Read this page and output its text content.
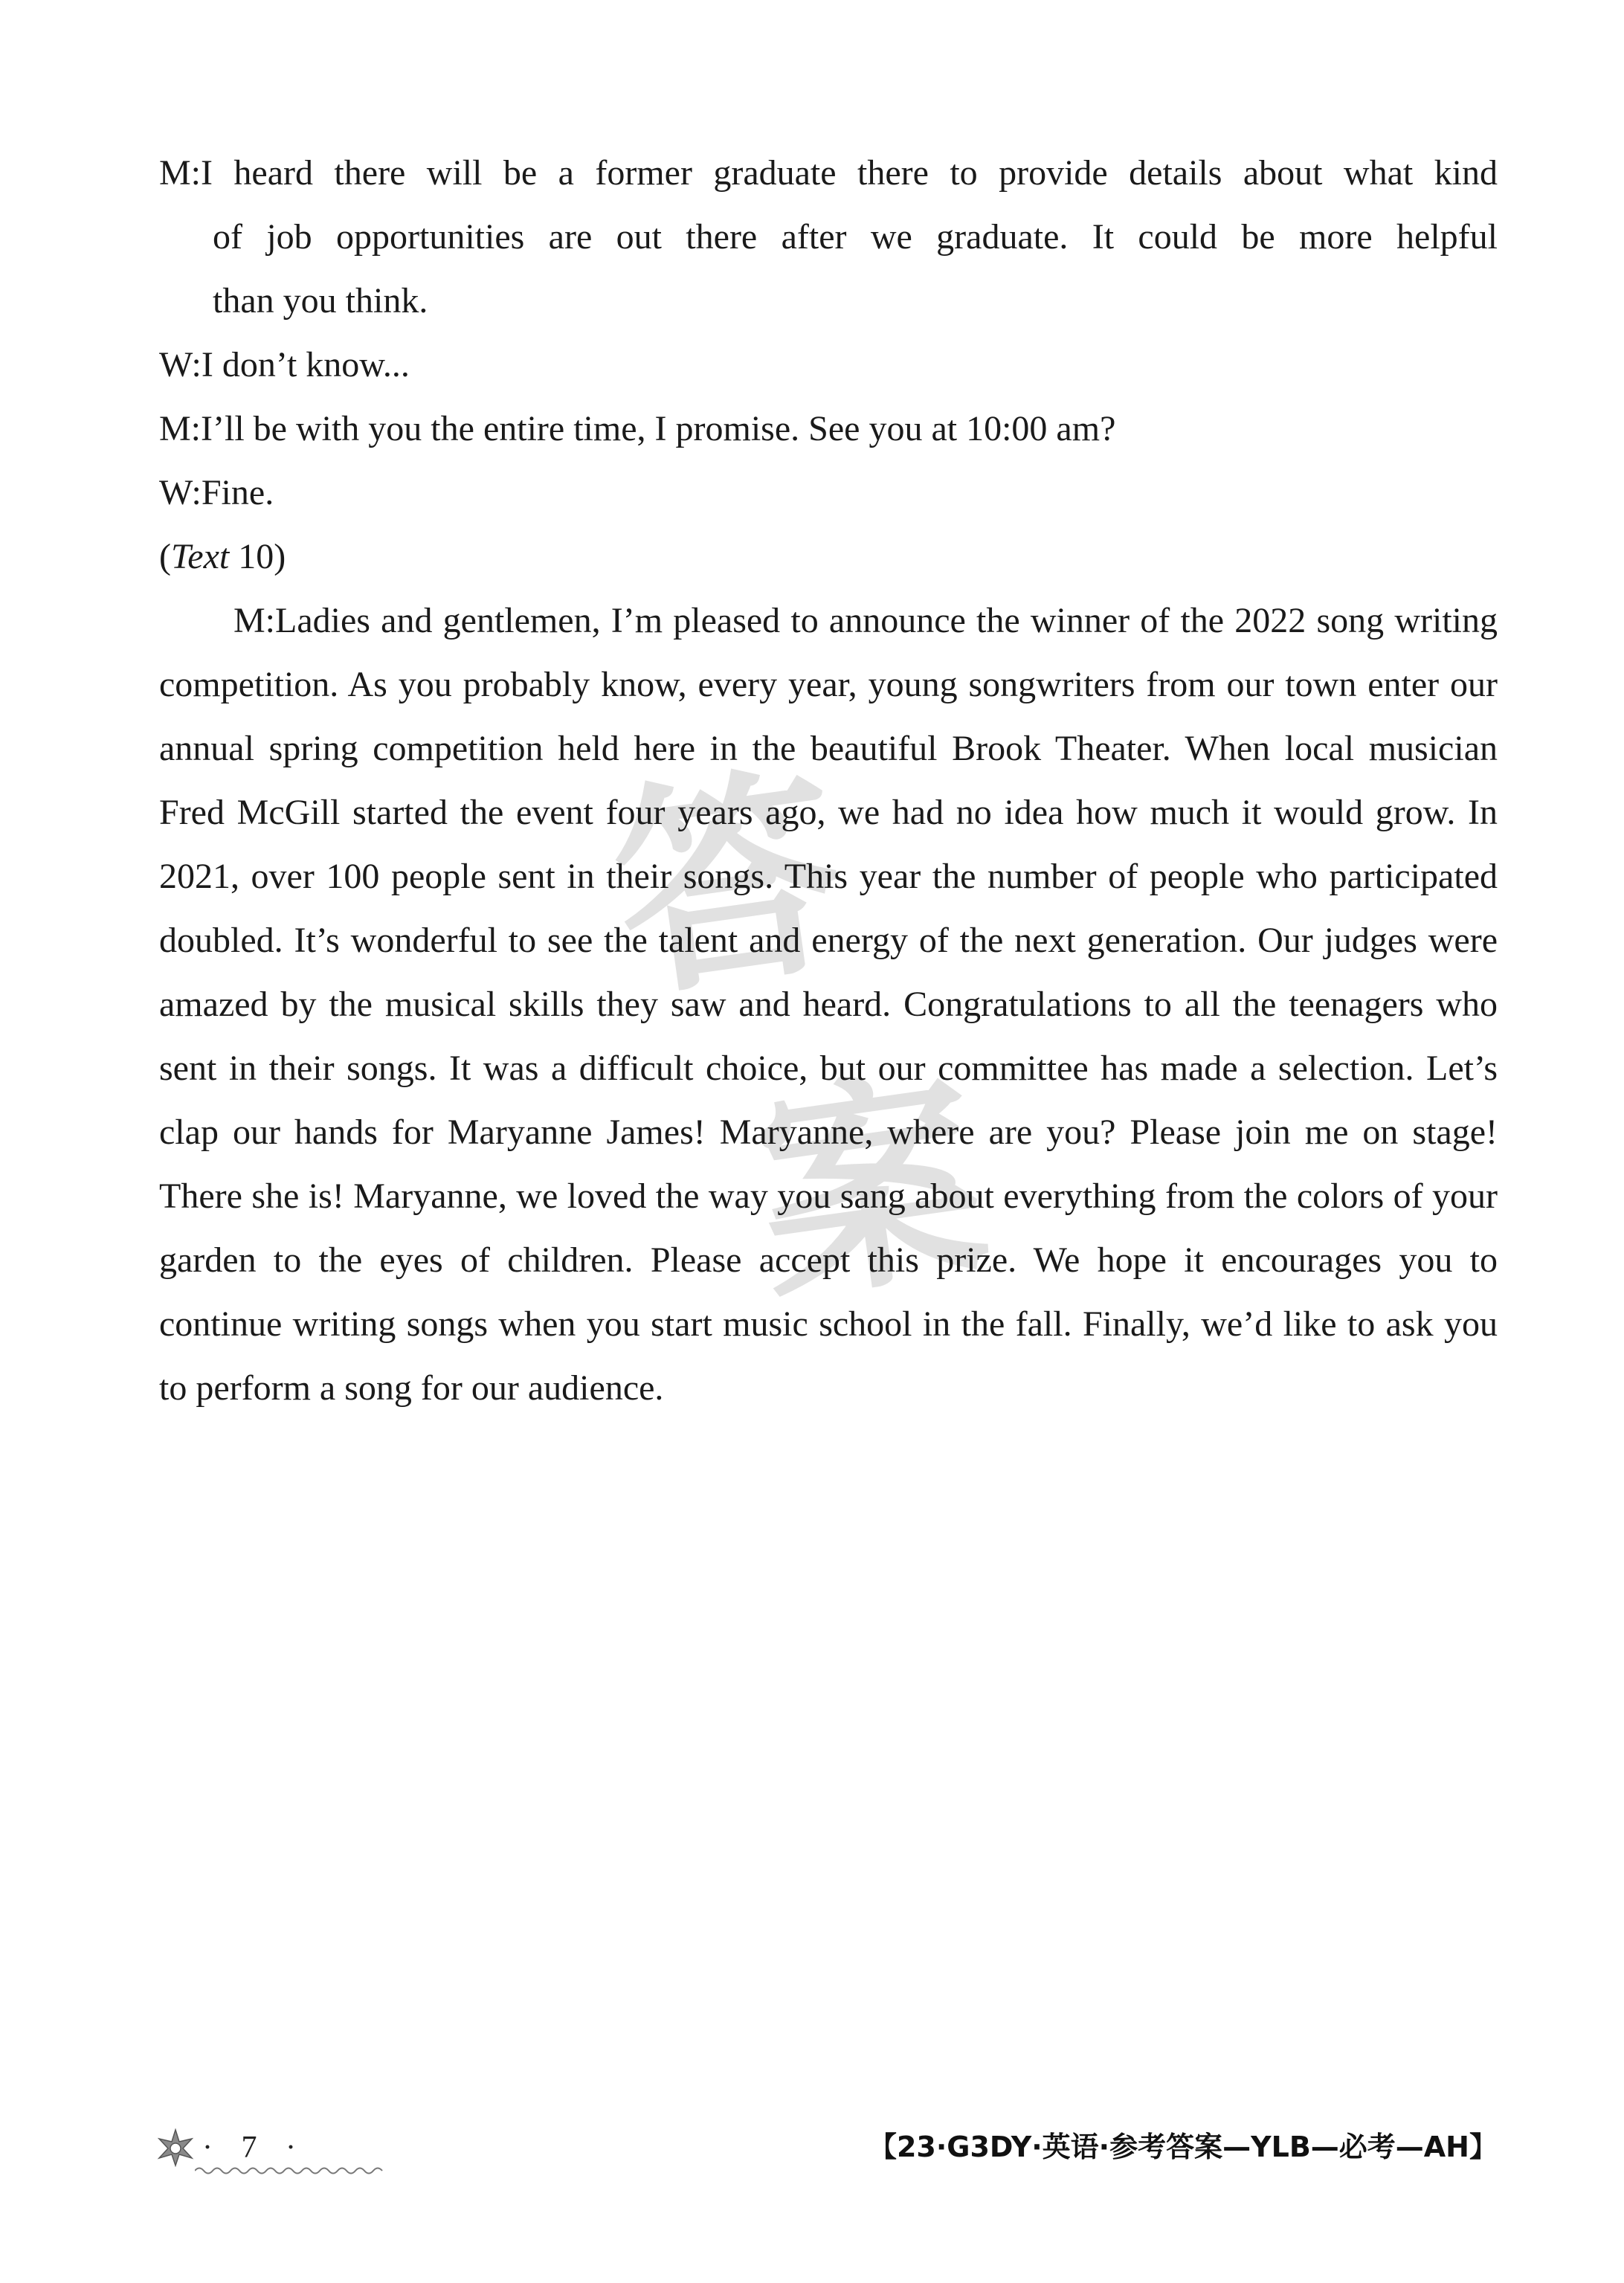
答
案
M:I heard there will be a former graduate there to provide details about what kind
of job opportunities are out there after we graduate. It could be more helpful
than you think.
W:I don’t know...
M:I’ll be with you the entire time, I promise. See you at 10:00 am?
W:Fine.
(Text 10)
M:Ladies and gentlemen, I’m pleased to announce the winner of the 2022 song writing competition. As you probably know, every year, young songwriters from our town enter our annual spring competition held here in the beautiful Brook Theater. When local musician Fred McGill started the event four years ago, we had no idea how much it would grow. In 2021, over 100 people sent in their songs. This year the number of people who participated doubled. It’s wonderful to see the talent and energy of the next generation. Our judges were amazed by the musical skills they saw and heard. Congratulations to all the teenagers who sent in their songs. It was a difficult choice, but our committee has made a selection. Let’s clap our hands for Maryanne James! Maryanne, where are you? Please join me on stage! There she is! Maryanne, we loved the way you sang about everything from the colors of your garden to the eyes of children. Please accept this prize. We hope it encourages you to continue writing songs when you start music school in the fall. Finally, we’d like to ask you to perform a song for our audience.
· 7 ·	【23·G3DY·英语·参考答案—YLB—必考—AH】
